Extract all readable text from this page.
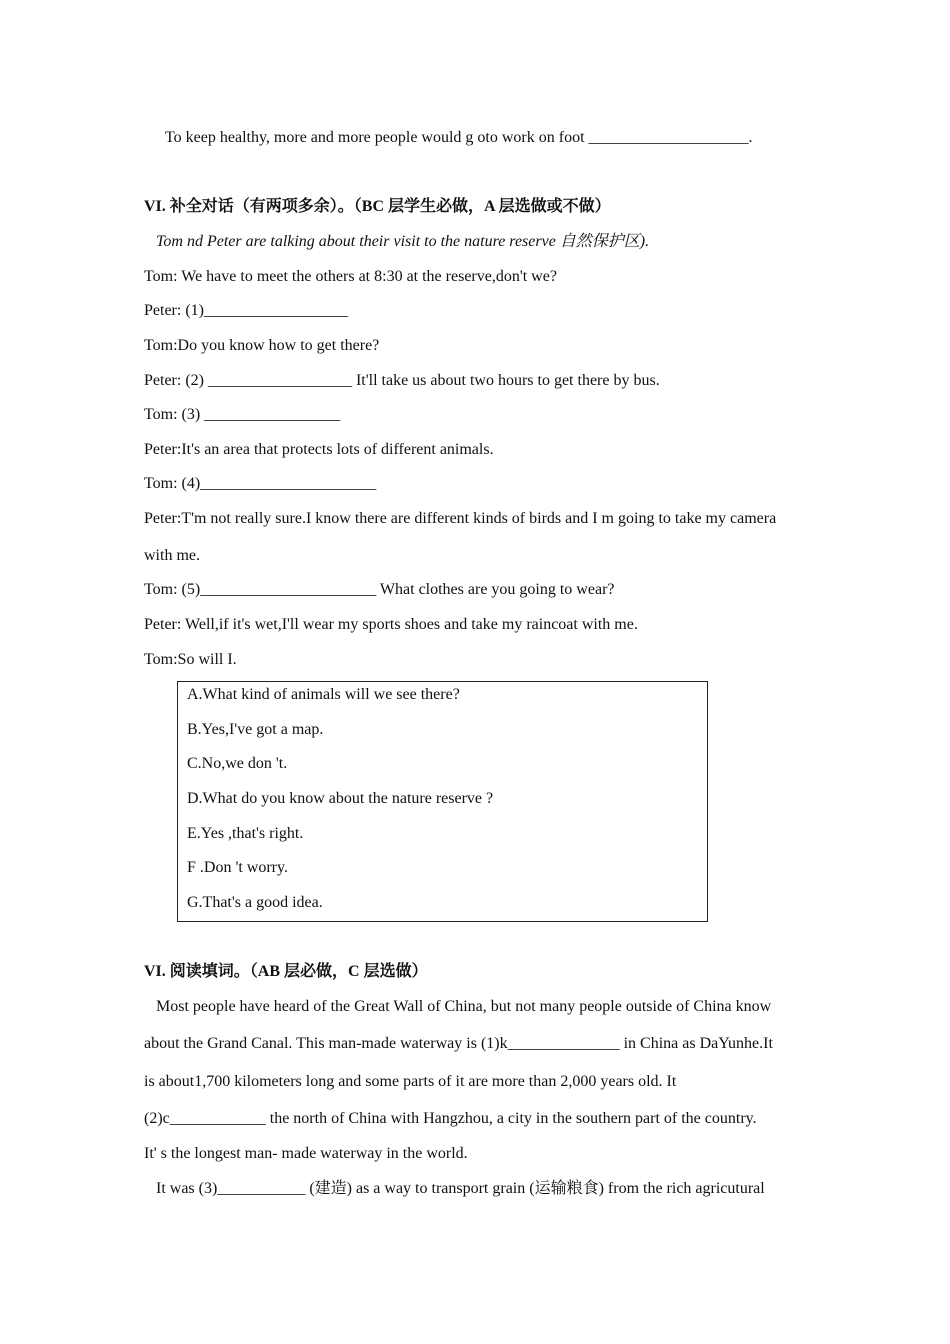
To keep healthy, more and more people would g oto work on foot ____________________.
VI. 补全对话（有两项多余）。（BC 层学生必做，A 层选做或不做）
Tom nd Peter are talking about their visit to the nature reserve 自然保护区).
Tom: We have to meet the others at 8:30 at the reserve,don't we?
Peter: (1)__________________
Tom:Do you know how to get there?
Peter: (2) __________________ It'll take us about two hours to get there by bus.
Tom: (3) _________________
Peter:It's an area that protects lots of different animals.
Tom: (4)______________________
Peter:T'm not really sure.I know there are different kinds of birds and I m going to take my camera
with me.
Tom: (5)______________________ What clothes are you going to wear?
Peter: Well,if it's wet,I'll wear my sports shoes and take my raincoat with me.
Tom:So will I.
A.What kind of animals will we see there?
B.Yes,I've got a map.
C.No,we don 't.
D.What do you know about the nature reserve ?
E.Yes ,that's right.
F .Don 't worry.
G.That's a good idea.
VI. 阅读填词。（AB 层必做，C 层选做）
Most people have heard of the Great Wall of China, but not many people outside of China know
about the Grand Canal. This man-made waterway is (1)k______________ in China as DaYunhe.It
is about1,700 kilometers long and some parts of it are more than 2,000 years old. It
(2)c____________ the north of China with Hangzhou, a city in the southern part of the country.
It' s the longest man- made waterway in the world.
It was (3)___________ (建造) as a way to transport grain (运输粮食) from the rich agricutural
